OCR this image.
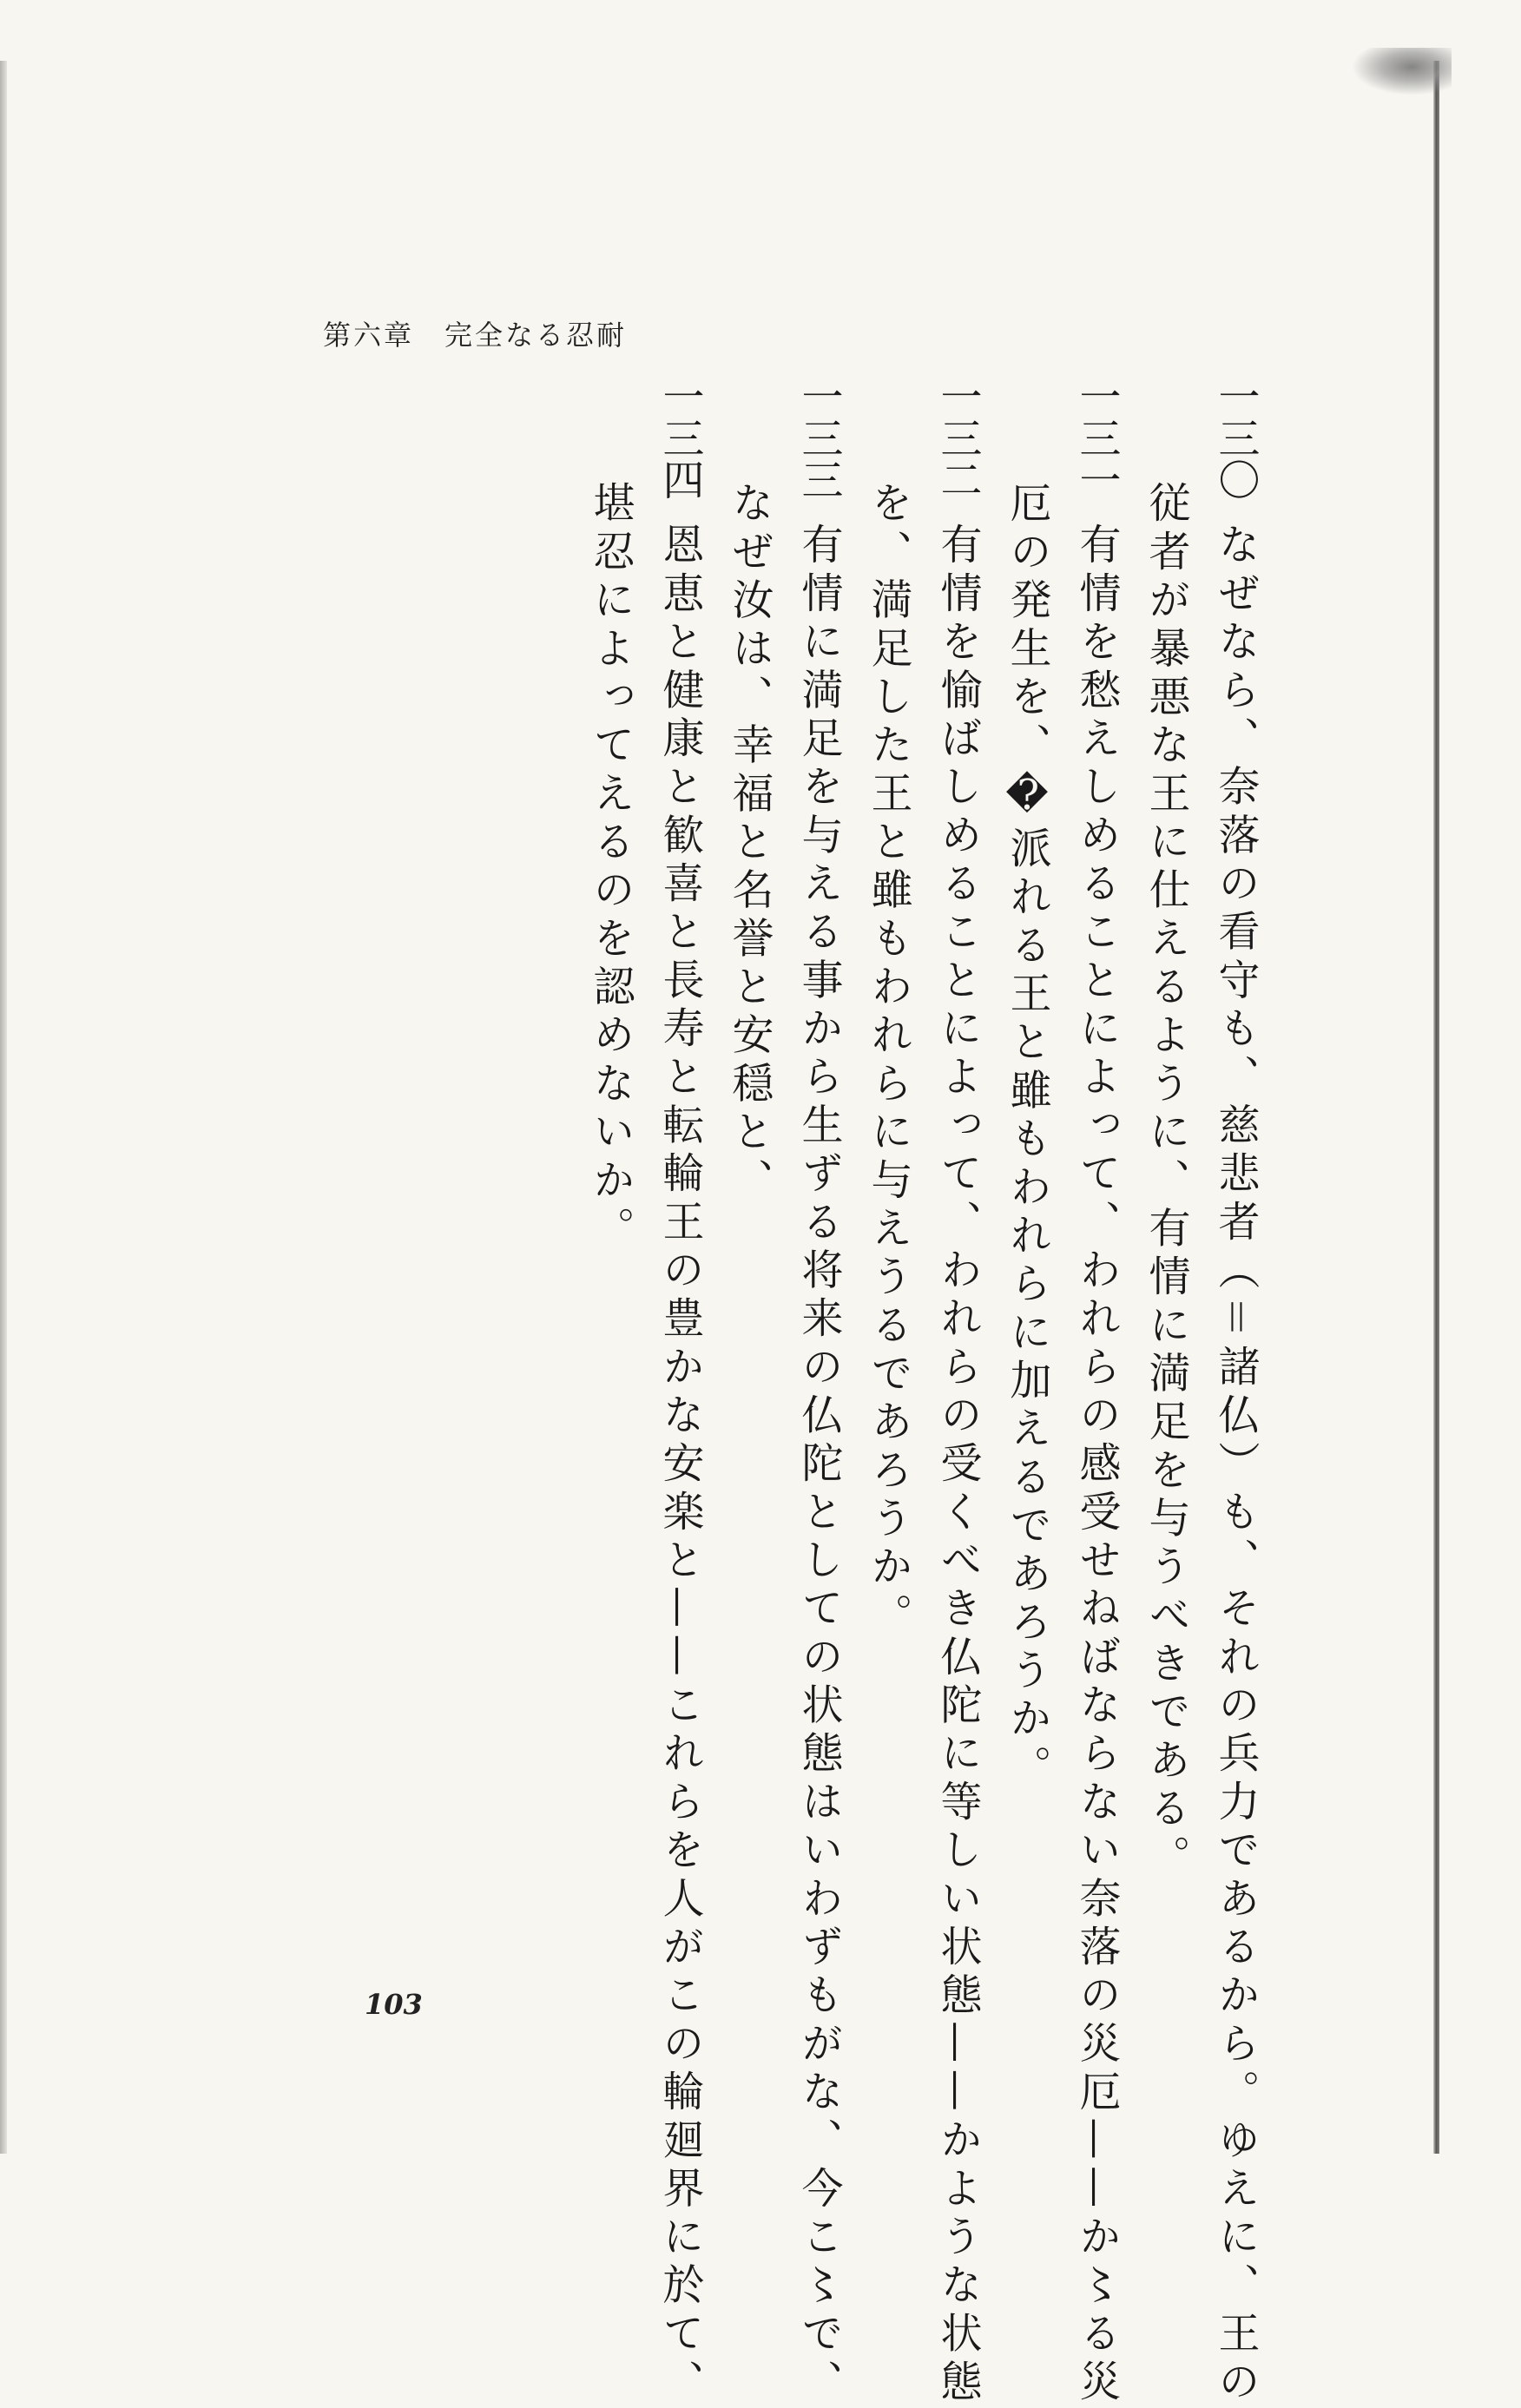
第六章　完全なる忍耐
一三〇なぜなら、奈落の看守も、慈悲者（＝諸仏）も、それの兵力であるから。ゆえに、王の
従者が暴悪な王に仕えるように、有情に満足を与うべきである。
一三一有情を愁えしめることによって、われらの感受せねばならない奈落の災厄——か〻る災
厄の発生を、�派れる王と雖もわれらに加えるであろうか。
一三二有情を愉ばしめることによって、われらの受くべき仏陀に等しい状態——かような状態
を、満足した王と雖もわれらに与えうるであろうか。
一三三有情に満足を与える事から生ずる将来の仏陀としての状態はいわずもがな、今こ〻で、
なぜ汝は、幸福と名誉と安穏と、
一三四恩恵と健康と歓喜と長寿と転輪王の豊かな安楽と——これらを人がこの輪廻界に於て、
堪忍によってえるのを認めないか。
103
